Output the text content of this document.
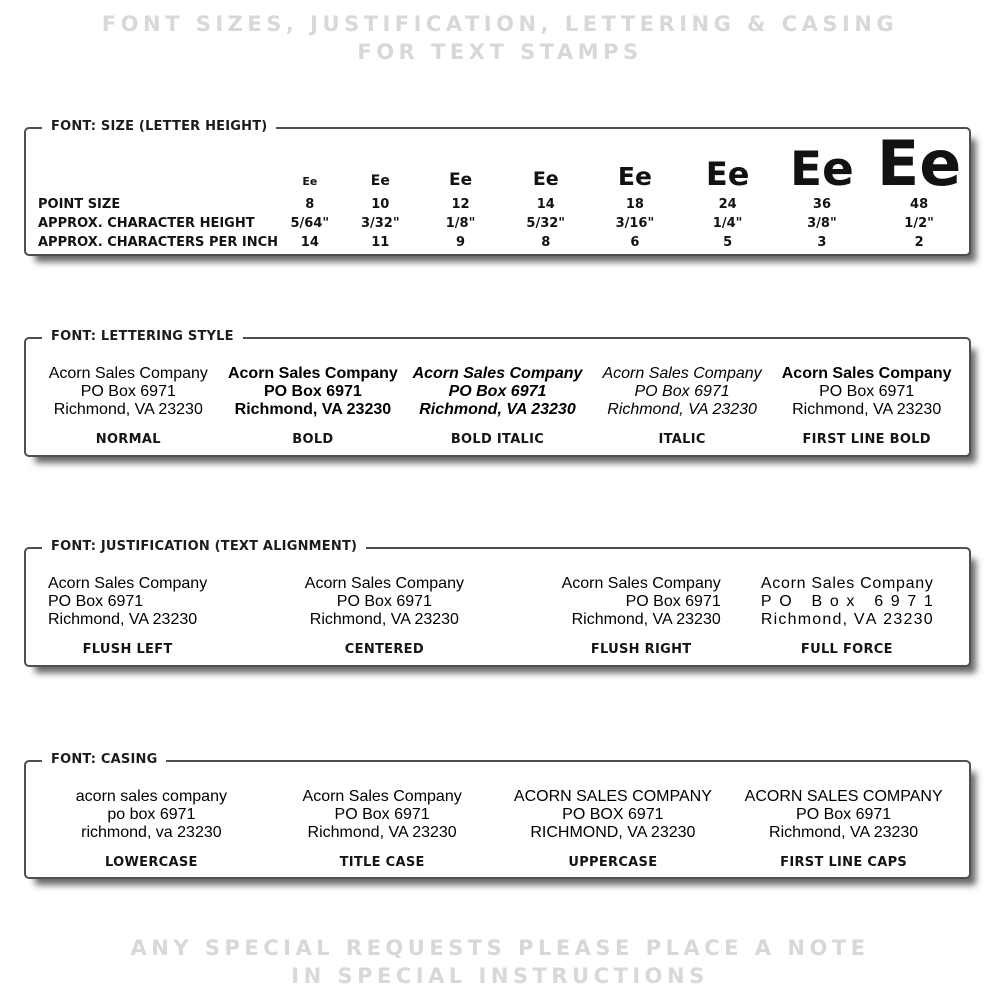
FONT SIZES, JUSTIFICATION, LETTERING & CASING
FOR TEXT STAMPS
FONT: SIZE (LETTER HEIGHT)
	Ee	Ee	Ee	Ee	Ee	Ee	Ee	Ee
POINT SIZE	8	10	12	14	18	24	36	48
APPROX. CHARACTER HEIGHT	5/64"	3/32"	1/8"	5/32"	3/16"	1/4"	3/8"	1/2"
APPROX. CHARACTERS PER INCH	14	11	9	8	6	5	3	2
FONT: LETTERING STYLE
Acorn Sales Company
PO Box 6971
Richmond, VA 23230
NORMAL
Acorn Sales Company
PO Box 6971
Richmond, VA 23230
BOLD
Acorn Sales Company
PO Box 6971
Richmond, VA 23230
BOLD ITALIC
Acorn Sales Company
PO Box 6971
Richmond, VA 23230
ITALIC
Acorn Sales Company
PO Box 6971
Richmond, VA 23230
FIRST LINE BOLD
FONT: JUSTIFICATION (TEXT ALIGNMENT)
Acorn Sales Company
PO Box 6971
Richmond, VA 23230
FLUSH LEFT
Acorn Sales Company
PO Box 6971
Richmond, VA 23230
CENTERED
Acorn Sales Company
PO Box 6971
Richmond, VA 23230
FLUSH RIGHT
A c o r n
S a l e s
C o m p a n y
P O
B o x
6 9 7 1
R i c h m o n d ,
V A
2 3 2 3 0
FULL FORCE
FONT: CASING
acorn sales company
po box 6971
richmond, va 23230
LOWERCASE
Acorn Sales Company
PO Box 6971
Richmond, VA 23230
TITLE CASE
ACORN SALES COMPANY
PO BOX 6971
RICHMOND, VA 23230
UPPERCASE
ACORN SALES COMPANY
PO Box 6971
Richmond, VA 23230
FIRST LINE CAPS
ANY SPECIAL REQUESTS PLEASE PLACE A NOTE
IN SPECIAL INSTRUCTIONS
